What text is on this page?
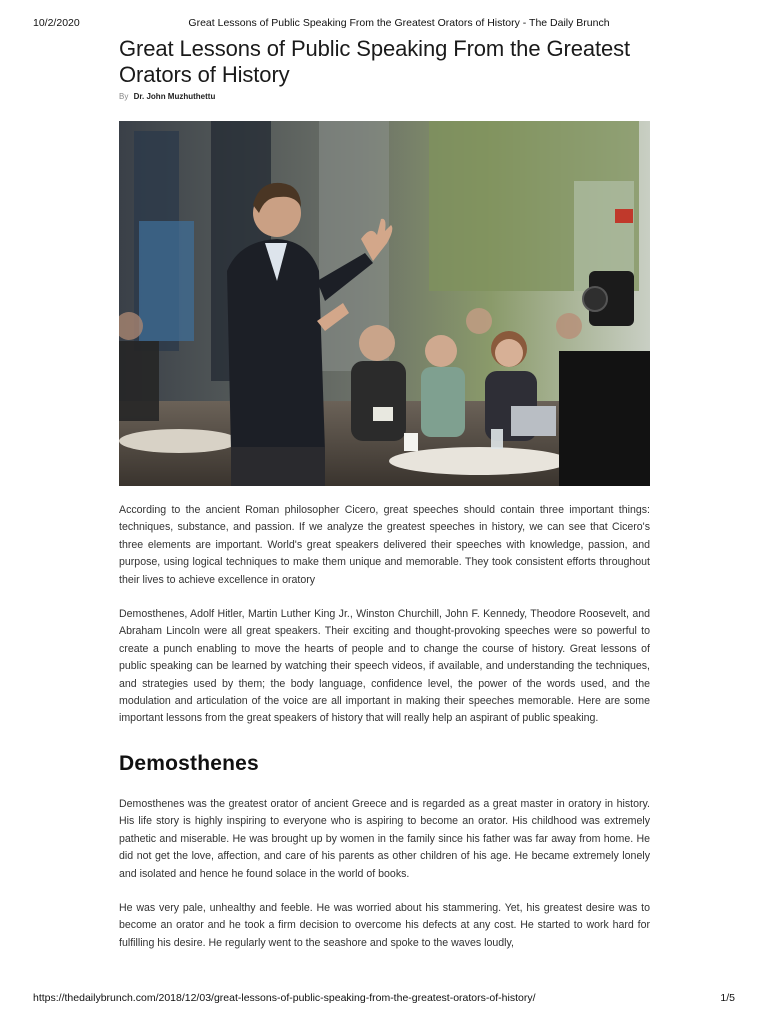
10/2/2020	Great Lessons of Public Speaking From the Greatest Orators of History - The Daily Brunch
Great Lessons of Public Speaking From the Greatest Orators of History
By Dr. John Muzhuthettu

According to the ancient Roman philosopher Cicero, great speeches should contain three important things: techniques, substance, and passion. If we analyze the greatest speeches in history, we can see that Cicero's three elements are important. World's great speakers delivered their speeches with knowledge, passion, and purpose, using logical techniques to make them unique and memorable. They took consistent efforts throughout their lives to achieve excellence in oratory

Demosthenes, Adolf Hitler, Martin Luther King Jr., Winston Churchill, John F. Kennedy, Theodore Roosevelt, and Abraham Lincoln were all great speakers. Their exciting and thought-provoking speeches were so powerful to create a punch enabling to move the hearts of people and to change the course of history. Great lessons of public speaking can be learned by watching their speech videos, if available, and understanding the techniques, and strategies used by them; the body language, confidence level, the power of the words used, and the modulation and articulation of the voice are all important in making their speeches memorable. Here are some important lessons from the great speakers of history that will really help an aspirant of public speaking.

Demosthenes

Demosthenes was the greatest orator of ancient Greece and is regarded as a great master in oratory in history. His life story is highly inspiring to everyone who is aspiring to become an orator. His childhood was extremely pathetic and miserable. He was brought up by women in the family since his father was far away from home. He did not get the love, affection, and care of his parents as other children of his age. He became extremely lonely and isolated and hence he found solace in the world of books.

He was very pale, unhealthy and feeble. He was worried about his stammering. Yet, his greatest desire was to become an orator and he took a firm decision to overcome his defects at any cost. He started to work hard for fulfilling his desire. He regularly went to the seashore and spoke to the waves loudly,

https://thedailybrunch.com/2018/12/03/great-lessons-of-public-speaking-from-the-greatest-orators-of-history/	1/5
